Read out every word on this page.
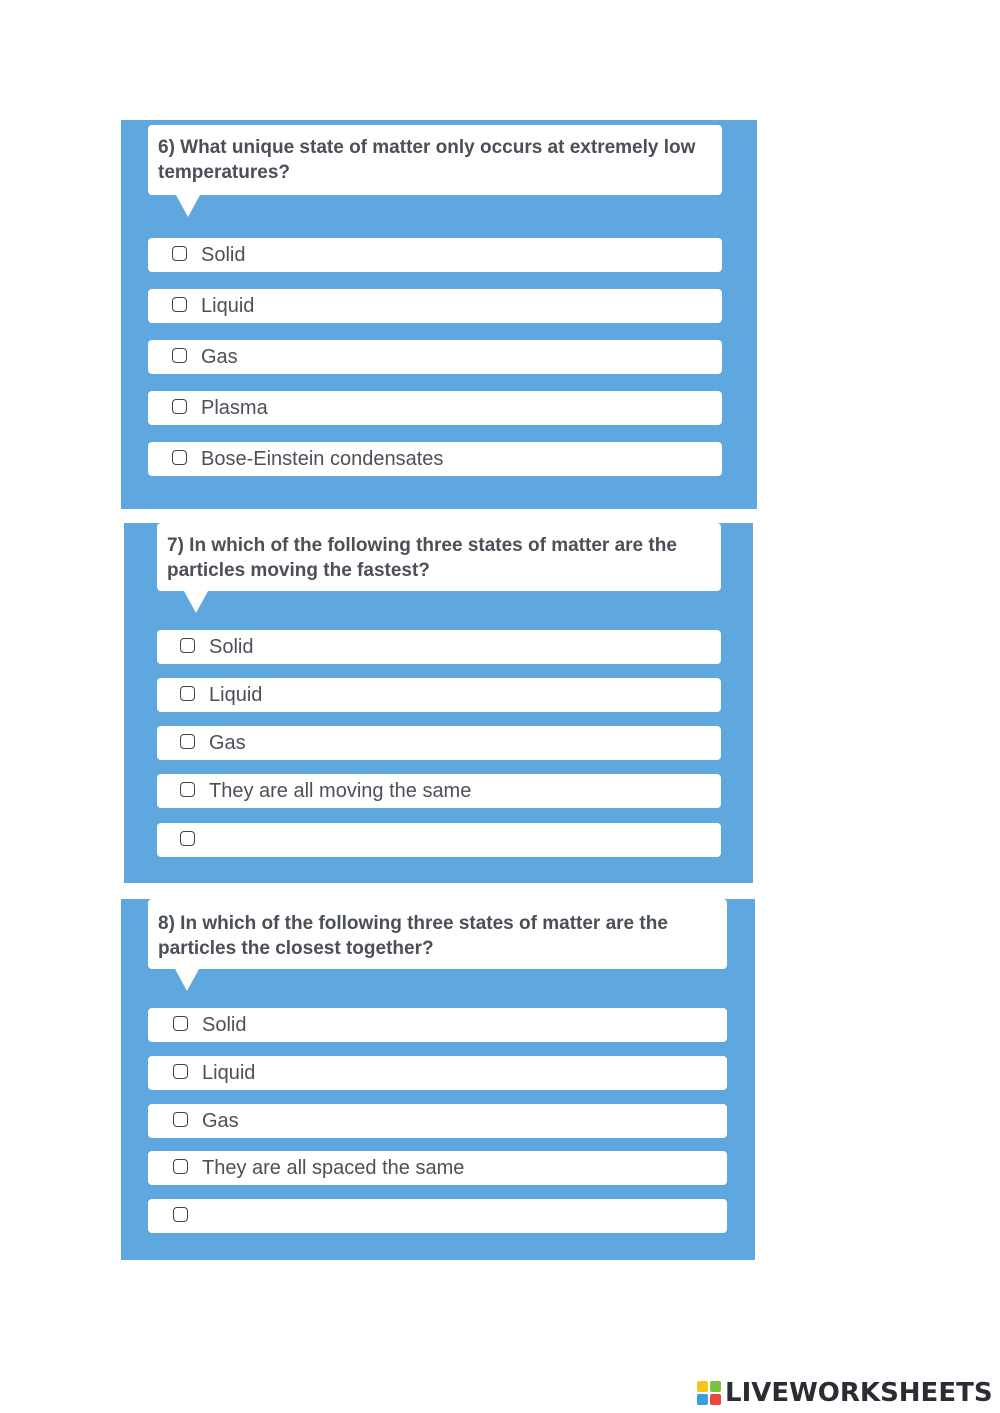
6) What unique state of matter only occurs at extremely low temperatures?
Solid
Liquid
Gas
Plasma
Bose-Einstein condensates
7) In which of the following three states of matter are the particles moving the fastest?
Solid
Liquid
Gas
They are all moving the same
8) In which of the following three states of matter are the particles the closest together?
Solid
Liquid
Gas
They are all spaced the same
LIVEWORKSHEETS
